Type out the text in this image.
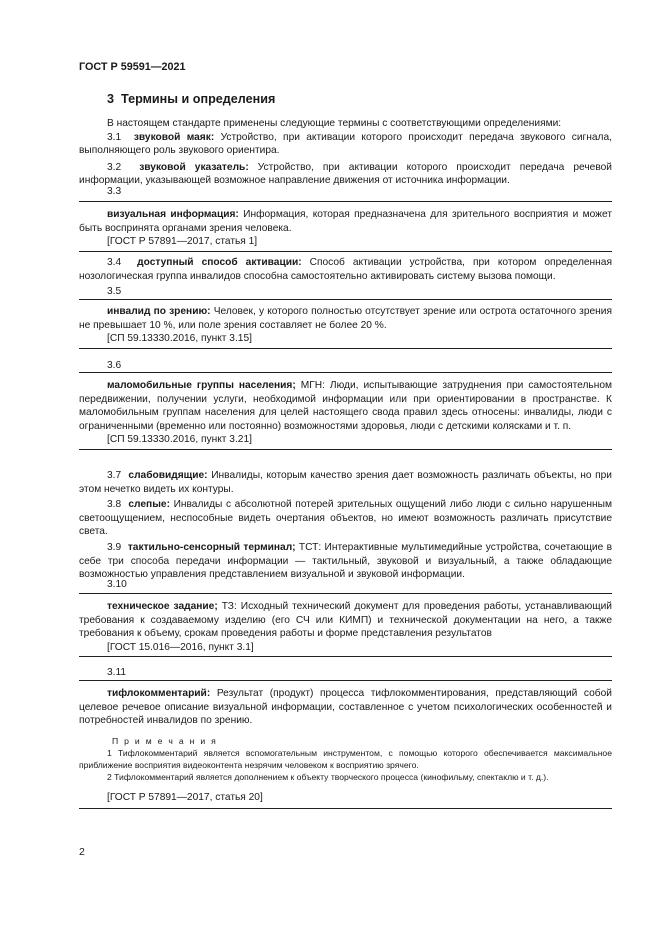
ГОСТ Р 59591—2021
3 Термины и определения

В настоящем стандарте применены следующие термины с соответствующими определениями:

3.1 звуковой маяк: Устройство, при активации которого происходит передача звукового сигнала, выполняющего роль звукового ориентира.

3.2 звуковой указатель: Устройство, при активации которого происходит передача речевой информации, указывающей возможное направление движения от источника информации.

3.3

визуальная информация: Информация, которая предназначена для зрительного восприятия и может быть воспринята органами зрения человека.

[ГОСТ Р 57891—2017, статья 1]

3.4 доступный способ активации: Способ активации устройства, при котором определенная нозологическая группа инвалидов способна самостоятельно активировать систему вызова помощи.

3.5

инвалид по зрению: Человек, у которого полностью отсутствует зрение или острота остаточного зрения не превышает 10 %, или поле зрения составляет не более 20 %.

[СП 59.13330.2016, пункт 3.15]

3.6

маломобильные группы населения; МГН: Люди, испытывающие затруднения при самостоятельном передвижении, получении услуги, необходимой информации или при ориентировании в пространстве. К маломобильным группам населения для целей настоящего свода правил здесь относены: инвалиды, люди с ограниченными (временно или постоянно) возможностями здоровья, люди с детскими колясками и т. п.

[СП 59.13330.2016, пункт 3.21]

3.7 слабовидящие: Инвалиды, которым качество зрения дает возможность различать объекты, но при этом нечетко видеть их контуры.

3.8 слепые: Инвалиды с абсолютной потерей зрительных ощущений либо люди с сильно нарушенным светоощущением, неспособные видеть очертания объектов, но имеют возможность различать присутствие света.

3.9 тактильно-сенсорный терминал; ТСТ: Интерактивные мультимедийные устройства, сочетающие в себе три способа передачи информации — тактильный, звуковой и визуальный, а также обладающие возможностью управления представлением визуальной и звуковой информации.

3.10

техническое задание; ТЗ: Исходный технический документ для проведения работы, устанавливающий требования к создаваемому изделию (его СЧ или КИМП) и технической документации на него, а также требования к объему, срокам проведения работы и форме представления результатов

[ГОСТ 15.016—2016, пункт 3.1]

3.11

тифлокомментарий: Результат (продукт) процесса тифлокомментирования, представляющий собой целевое речевое описание визуальной информации, составленное с учетом психологических особенностей и потребностей инвалидов по зрению.

П р и м е ч а н и я

1 Тифлокомментарий является вспомогательным инструментом, с помощью которого обеспечивается максимальное приближение восприятия видеоконтента незрячим человеком к восприятию зрячего.

2 Тифлокомментарий является дополнением к объекту творческого процесса (кинофильму, спектаклю и т. д.).

[ГОСТ Р 57891—2017, статья 20]

2
